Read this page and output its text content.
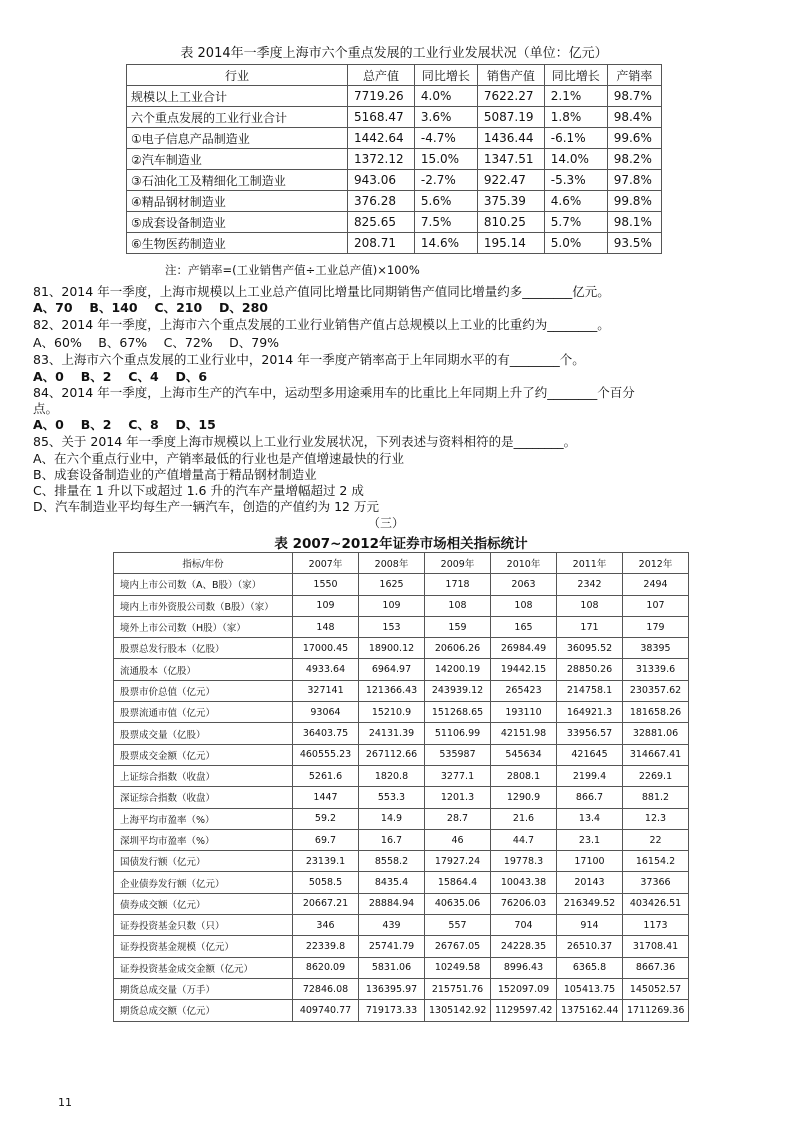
表 2014年一季度上海市六个重点发展的工业行业发展状况（单位：亿元）
行业	总产值	同比增长	销售产值	同比增长	产销率
规模以上工业合计	7719.26	4.0%	7622.27	2.1%	98.7%
六个重点发展的工业行业合计	5168.47	3.6%	5087.19	1.8%	98.4%
①电子信息产品制造业	1442.64	-4.7%	1436.44	-6.1%	99.6%
②汽车制造业	1372.12	15.0%	1347.51	14.0%	98.2%
③石油化工及精细化工制造业	943.06	-2.7%	922.47	-5.3%	97.8%
④精品钢材制造业	376.28	5.6%	375.39	4.6%	99.8%
⑤成套设备制造业	825.65	7.5%	810.25	5.7%	98.1%
⑥生物医药制造业	208.71	14.6%	195.14	5.0%	93.5%
注：产销率=(工业销售产值÷工业总产值)×100%
81、2014 年一季度，上海市规模以上工业总产值同比增量比同期销售产值同比增量约多________亿元。
A、70　 B、140　 C、210　 D、280
82、2014 年一季度，上海市六个重点发展的工业行业销售产值占总规模以上工业的比重约为________。
A、60%　 B、67%　 C、72%　 D、79%
83、上海市六个重点发展的工业行业中，2014 年一季度产销率高于上年同期水平的有________个。
A、0　 B、2　 C、4　 D、6
84、2014 年一季度，上海市生产的汽车中，运动型多用途乘用车的比重比上年同期上升了约________个百分
点。
A、0　 B、2　 C、8　 D、15
85、关于 2014 年一季度上海市规模以上工业行业发展状况，下列表述与资料相符的是________。
A、在六个重点行业中，产销率最低的行业也是产值增速最快的行业
B、成套设备制造业的产值增量高于精品钢材制造业
C、排量在 1 升以下或超过 1.6 升的汽车产量增幅超过 2 成
D、汽车制造业平均每生产一辆汽车，创造的产值约为 12 万元
（三）
表 2007~2012年证券市场相关指标统计
指标/年份	2007年	2008年	2009年	2010年	2011年	2012年
境内上市公司数（A、B股）（家）	1550	1625	1718	2063	2342	2494
境内上市外资股公司数（B股）（家）	109	109	108	108	108	107
境外上市公司数（H股）（家）	148	153	159	165	171	179
股票总发行股本（亿股）	17000.45	18900.12	20606.26	26984.49	36095.52	38395
流通股本（亿股）	4933.64	6964.97	14200.19	19442.15	28850.26	31339.6
股票市价总值（亿元）	327141	121366.43	243939.12	265423	214758.1	230357.62
股票流通市值（亿元）	93064	15210.9	151268.65	193110	164921.3	181658.26
股票成交量（亿股）	36403.75	24131.39	51106.99	42151.98	33956.57	32881.06
股票成交金额（亿元）	460555.23	267112.66	535987	545634	421645	314667.41
上证综合指数（收盘）	5261.6	1820.8	3277.1	2808.1	2199.4	2269.1
深证综合指数（收盘）	1447	553.3	1201.3	1290.9	866.7	881.2
上海平均市盈率（%）	59.2	14.9	28.7	21.6	13.4	12.3
深圳平均市盈率（%）	69.7	16.7	46	44.7	23.1	22
国债发行额（亿元）	23139.1	8558.2	17927.24	19778.3	17100	16154.2
企业债券发行额（亿元）	5058.5	8435.4	15864.4	10043.38	20143	37366
债券成交额（亿元）	20667.21	28884.94	40635.06	76206.03	216349.52	403426.51
证券投资基金只数（只）	346	439	557	704	914	1173
证券投资基金规模（亿元）	22339.8	25741.79	26767.05	24228.35	26510.37	31708.41
证券投资基金成交金额（亿元）	8620.09	5831.06	10249.58	8996.43	6365.8	8667.36
期货总成交量（万手）	72846.08	136395.97	215751.76	152097.09	105413.75	145052.57
期货总成交额（亿元）	409740.77	719173.33	1305142.92	1129597.42	1375162.44	1711269.36
11
